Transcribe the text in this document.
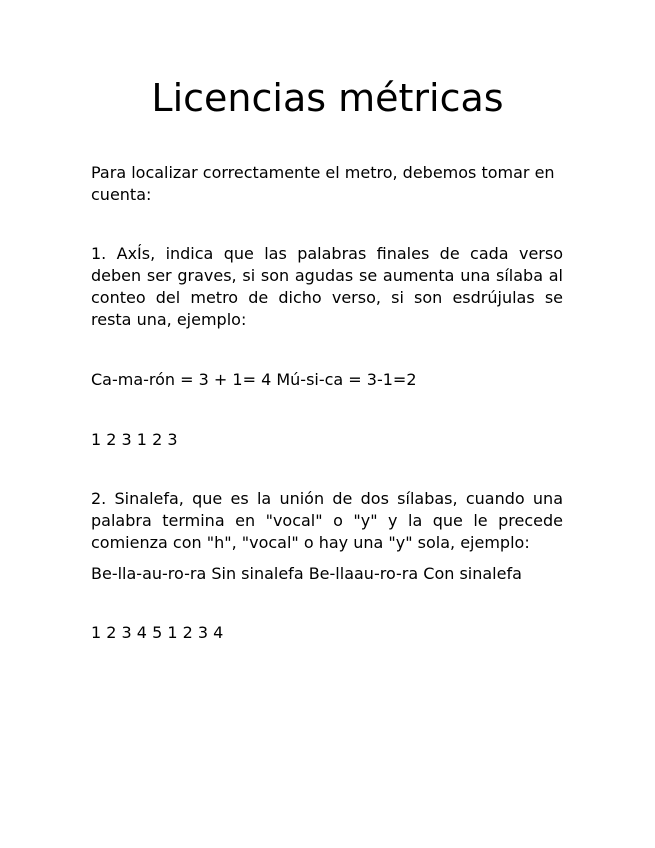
Licencias métricas

Para localizar correctamente el metro, debemos tomar en cuenta:

1. AxÍs, indica que las palabras finales de cada verso deben ser graves, si son agudas se aumenta una sílaba al conteo del metro de dicho verso, si son esdrújulas se resta una, ejemplo:

Ca-ma-rón = 3 + 1= 4 Mú-si-ca = 3-1=2

1 2 3 1 2 3

2. Sinalefa, que es la unión de dos sílabas, cuando una palabra termina en "vocal" o "y" y la que le precede comienza con "h", "vocal" o hay una "y" sola, ejemplo:

Be-lla-au-ro-ra Sin sinalefa Be-llaau-ro-ra Con sinalefa

1 2 3 4 5 1 2 3 4
